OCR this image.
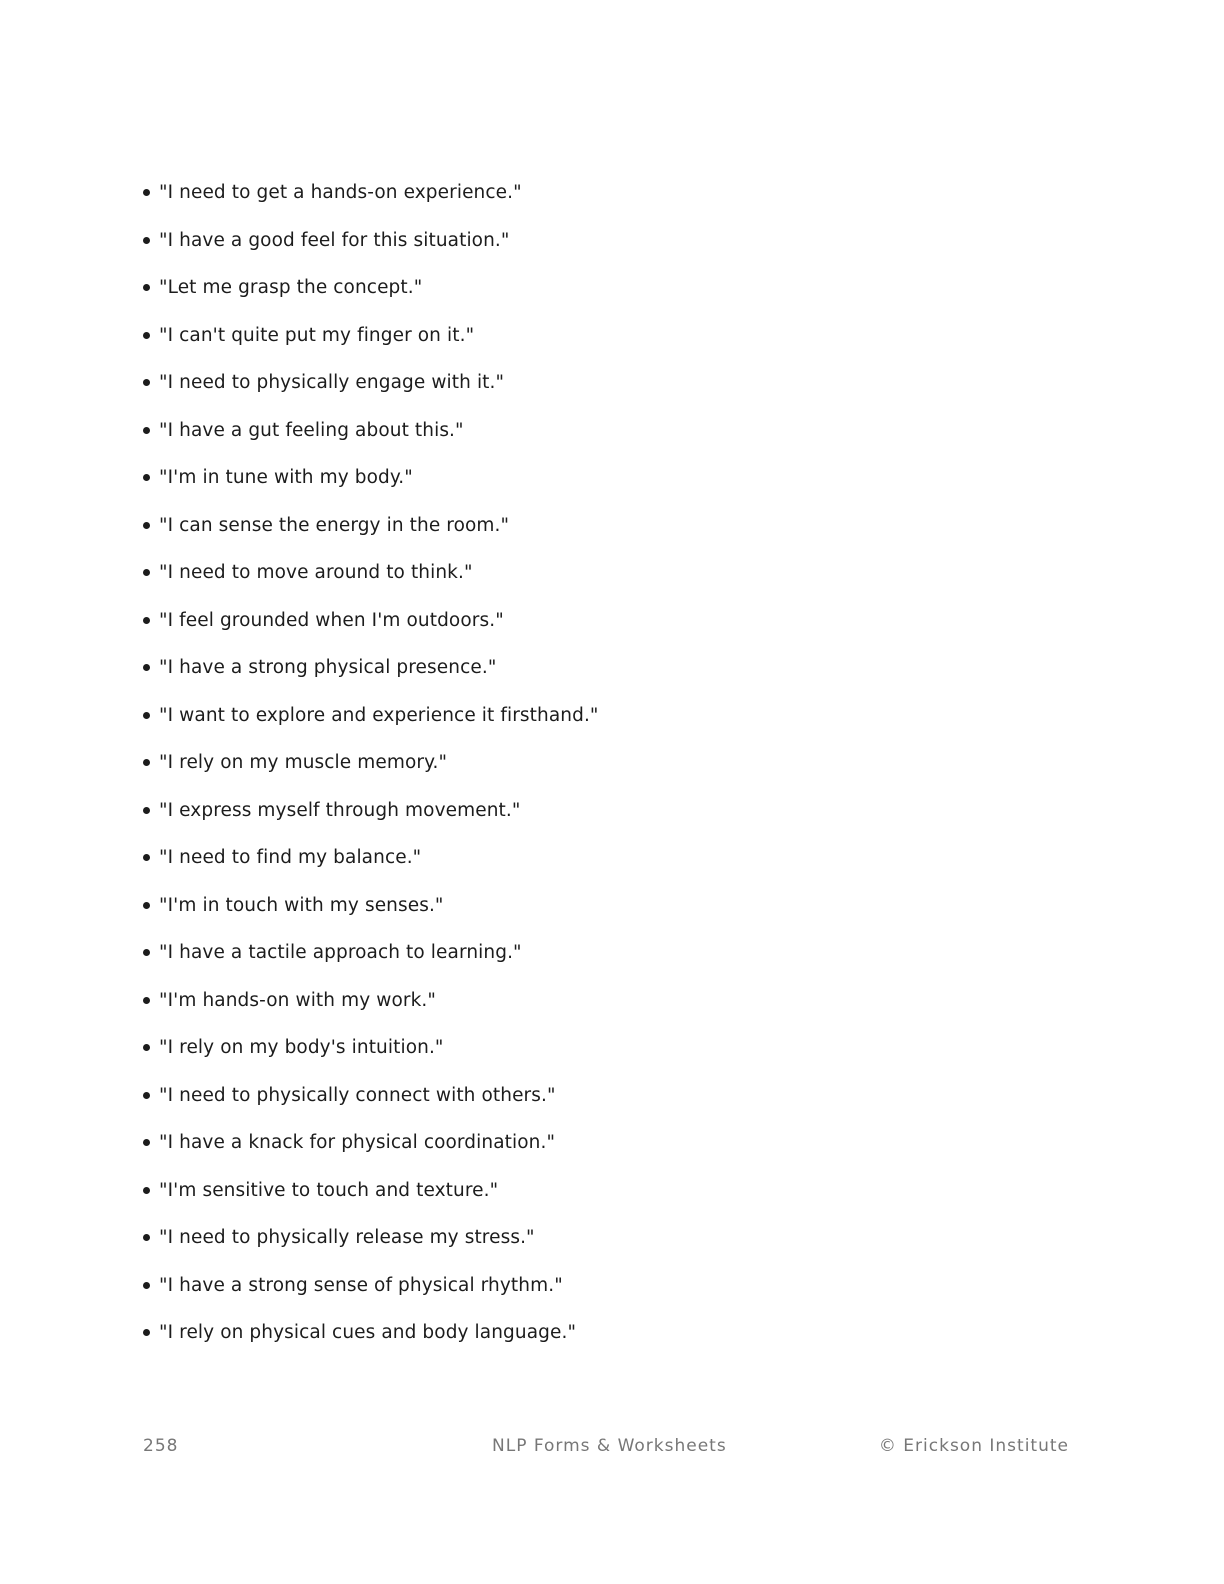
"I need to get a hands-on experience."
"I have a good feel for this situation."
"Let me grasp the concept."
"I can't quite put my finger on it."
"I need to physically engage with it."
"I have a gut feeling about this."
"I'm in tune with my body."
"I can sense the energy in the room."
"I need to move around to think."
"I feel grounded when I'm outdoors."
"I have a strong physical presence."
"I want to explore and experience it firsthand."
"I rely on my muscle memory."
"I express myself through movement."
"I need to find my balance."
"I'm in touch with my senses."
"I have a tactile approach to learning."
"I'm hands-on with my work."
"I rely on my body's intuition."
"I need to physically connect with others."
"I have a knack for physical coordination."
"I'm sensitive to touch and texture."
"I need to physically release my stress."
"I have a strong sense of physical rhythm."
"I rely on physical cues and body language."
258	NLP Forms & Worksheets	© Erickson Institute
